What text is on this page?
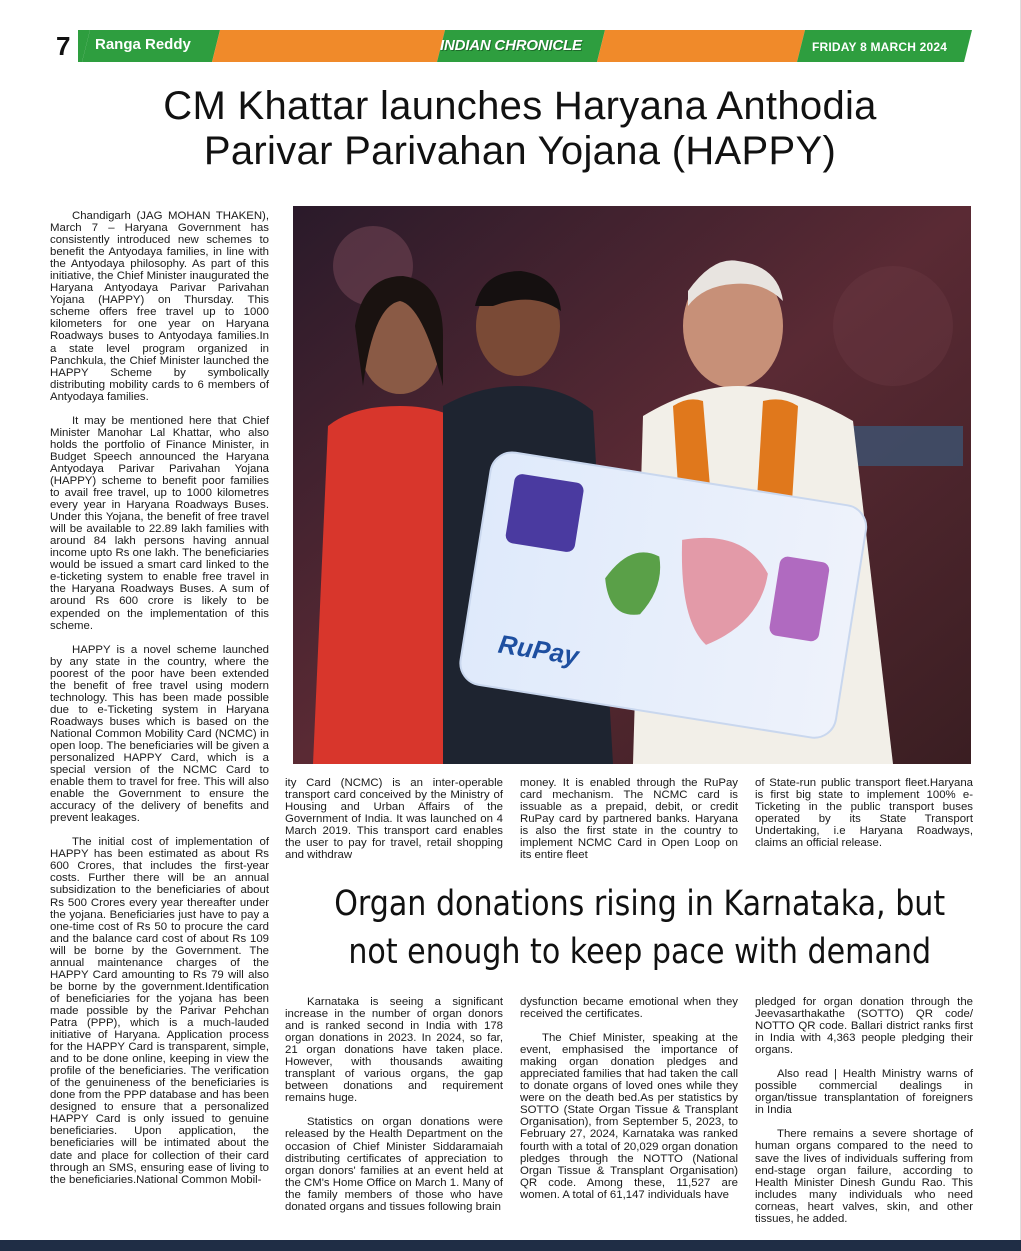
7 Ranga Reddy	INDIAN CHRONICLE	FRIDAY 8 MARCH 2024
CM Khattar launches Haryana Anthodia
Parivar Parivahan Yojana (HAPPY)
RuPay

Chandigarh (JAG MOHAN THAKEN), March 7 – Haryana Government has consistently introduced new schemes to benefit the Antyodaya families, in line with the Antyodaya philosophy. As part of this initiative, the Chief Minister inaugurated the Haryana Antyodaya Parivar Parivahan Yojana (HAPPY) on Thursday. This scheme offers free travel up to 1000 kilometers for one year on Haryana Roadways buses to Antyodaya families.In a state level program organized in Panchkula, the Chief Minister launched the HAPPY Scheme by symbolically distributing mobility cards to 6 members of Antyodaya families.

It may be mentioned here that Chief Minister Manohar Lal Khattar, who also holds the portfolio of Finance Minister, in Budget Speech announced the Haryana Antyodaya Parivar Parivahan Yojana (HAPPY) scheme to benefit poor families to avail free travel, up to 1000 kilometres every year in Haryana Roadways Buses. Under this Yojana, the benefit of free travel will be available to 22.89 lakh families with around 84 lakh persons having annual income upto Rs one lakh. The beneficiaries would be issued a smart card linked to the e-ticketing system to enable free travel in the Haryana Roadways Buses. A sum of around Rs 600 crore is likely to be expended on the implementation of this scheme.

HAPPY is a novel scheme launched by any state in the country, where the poorest of the poor have been extended the benefit of free travel using modern technology. This has been made possible due to e-Ticketing system in Haryana Roadways buses which is based on the National Common Mobility Card (NCMC) in open loop. The beneficiaries will be given a personalized HAPPY Card, which is a special version of the NCMC Card to enable them to travel for free. This will also enable the Government to ensure the accuracy of the delivery of benefits and prevent leakages.

The initial cost of implementation of HAPPY has been estimated as about Rs 600 Crores, that includes the first-year costs. Further there will be an annual subsidization to the beneficiaries of about Rs 500 Crores every year thereafter under the yojana. Beneficiaries just have to pay a one-time cost of Rs 50 to procure the card and the balance card cost of about Rs 109 will be borne by the Government. The annual maintenance charges of the HAPPY Card amounting to Rs 79 will also be borne by the government.Identification of beneficiaries for the yojana has been made possible by the Parivar Pehchan Patra (PPP), which is a much-lauded initiative of Haryana. Application process for the HAPPY Card is transparent, simple, and to be done online, keeping in view the profile of the beneficiaries. The verification of the genuineness of the beneficiaries is done from the PPP database and has been designed to ensure that a personalized HAPPY Card is only issued to genuine beneficiaries. Upon application, the beneficiaries will be intimated about the date and place for collection of their card through an SMS, ensuring ease of living to the beneficiaries.National Common Mobil-

ity Card (NCMC) is an inter-operable transport card conceived by the Ministry of Housing and Urban Affairs of the Government of India. It was launched on 4 March 2019. This transport card enables the user to pay for travel, retail shopping and withdraw

money. It is enabled through the RuPay card mechanism. The NCMC card is issuable as a prepaid, debit, or credit RuPay card by partnered banks. Haryana is also the first state in the country to implement NCMC Card in Open Loop on its entire fleet

of State-run public transport fleet.Haryana is first big state to implement 100% e-Ticketing in the public transport buses operated by its State Transport Undertaking, i.e Haryana Roadways, claims an official release.

Organ donations rising in Karnataka, but
not enough to keep pace with demand

Karnataka is seeing a significant increase in the number of organ donors and is ranked second in India with 178 organ donations in 2023. In 2024, so far, 21 organ donations have taken place. However, with thousands awaiting transplant of various organs, the gap between donations and requirement remains huge.

Statistics on organ donations were released by the Health Department on the occasion of Chief Minister Siddaramaiah distributing certificates of appreciation to organ donors' families at an event held at the CM's Home Office on March 1. Many of the family members of those who have donated organs and tissues following brain

dysfunction became emotional when they received the certificates.

The Chief Minister, speaking at the event, emphasised the importance of making organ donation pledges and appreciated families that had taken the call to donate organs of loved ones while they were on the death bed.As per statistics by SOTTO (State Organ Tissue & Transplant Organisation), from September 5, 2023, to February 27, 2024, Karnataka was ranked fourth with a total of 20,029 organ donation pledges through the NOTTO (National Organ Tissue & Transplant Organisation) QR code. Among these, 11,527 are women. A total of 61,147 individuals have

pledged for organ donation through the Jeevasarthakathe (SOTTO) QR code/ NOTTO QR code. Ballari district ranks first in India with 4,363 people pledging their organs.

Also read | Health Ministry warns of possible commercial dealings in organ/tissue transplantation of foreigners in India

There remains a severe shortage of human organs compared to the need to save the lives of individuals suffering from end-stage organ failure, according to Health Minister Dinesh Gundu Rao. This includes many individuals who need corneas, heart valves, skin, and other tissues, he added.
